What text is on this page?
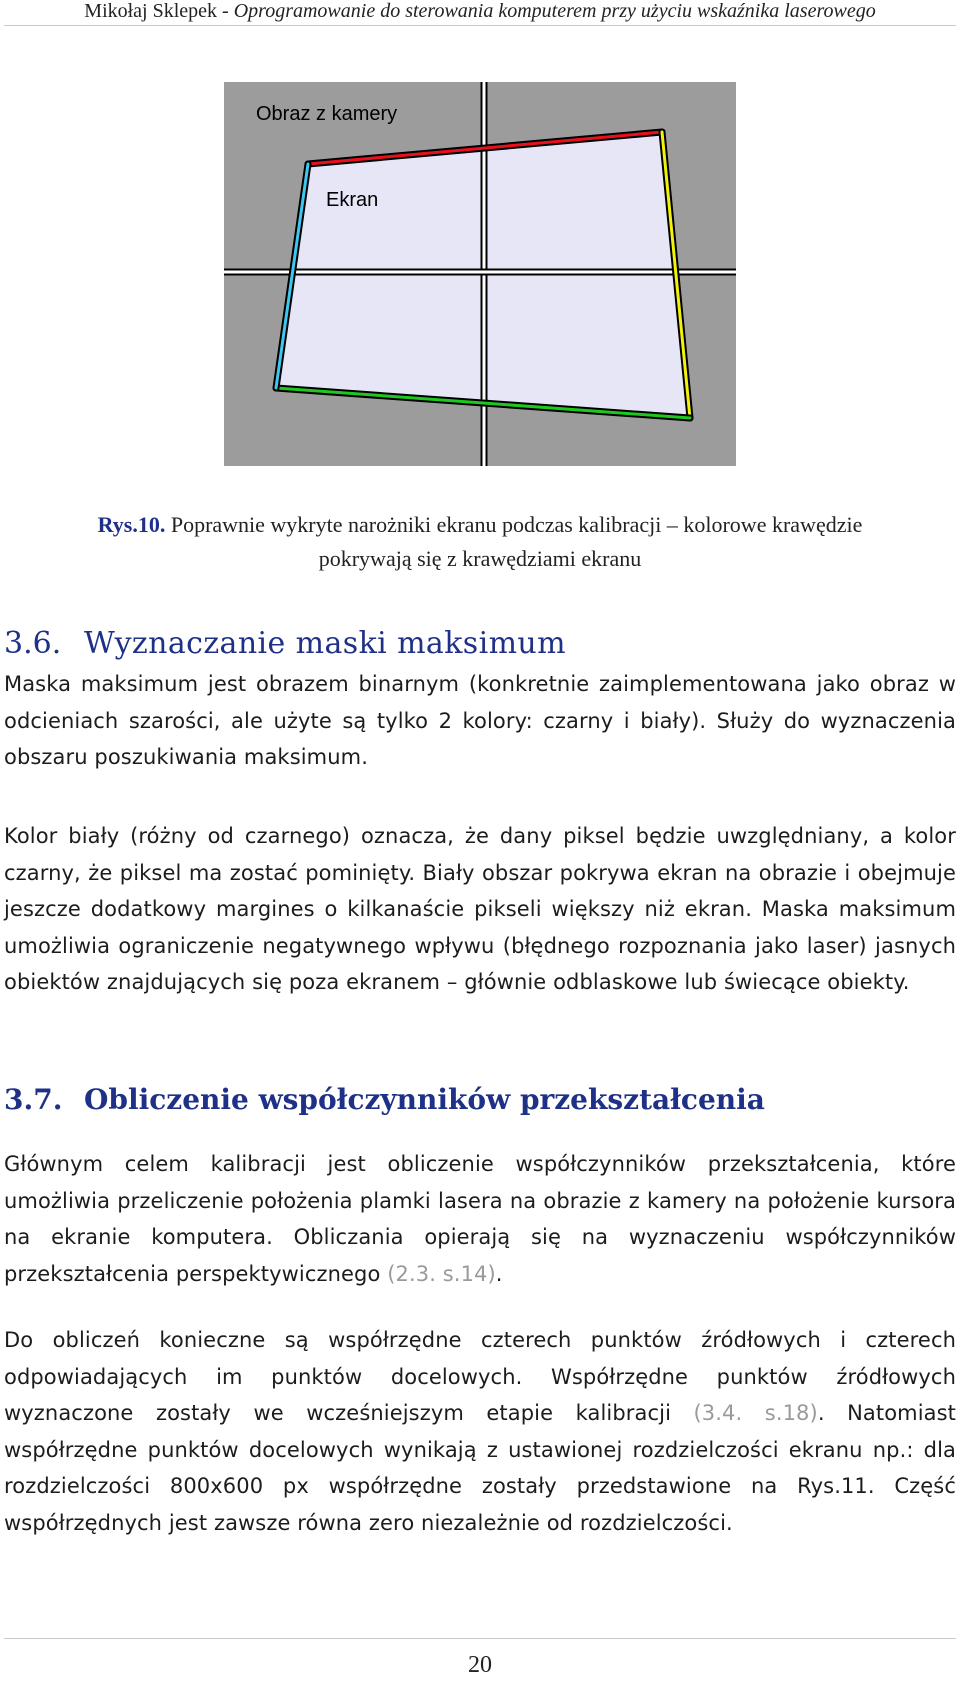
Mikołaj Sklepek - Oprogramowanie do sterowania komputerem przy użyciu wskaźnika laserowego
Obraz z kamery
Ekran
Rys.10. Poprawnie wykryte narożniki ekranu podczas kalibracji – kolorowe krawędzie
pokrywają się z krawędziami ekranu
3.6. Wyznaczanie maski maksimum

Maska maksimum jest obrazem binarnym (konkretnie zaimplementowana jako obraz w odcieniach szarości, ale użyte są tylko 2 kolory: czarny i biały). Służy do wyznaczenia obszaru poszukiwania maksimum.

Kolor biały (różny od czarnego) oznacza, że dany piksel będzie uwzględniany, a kolor czarny, że piksel ma zostać pominięty. Biały obszar pokrywa ekran na obrazie i obejmuje jeszcze dodatkowy margines o kilkanaście pikseli większy niż ekran. Maska maksimum umożliwia ograniczenie negatywnego wpływu (błędnego rozpoznania jako laser) jasnych obiektów znajdujących się poza ekranem – głównie odblaskowe lub świecące obiekty.

3.7. Obliczenie współczynników przekształcenia

Głównym celem kalibracji jest obliczenie współczynników przekształcenia, które umożliwia przeliczenie położenia plamki lasera na obrazie z kamery na położenie kursora na ekranie komputera. Obliczania opierają się na wyznaczeniu współczynników przekształcenia perspektywicznego (2.3. s.14).

Do obliczeń konieczne są współrzędne czterech punktów źródłowych i czterech odpowiadających im punktów docelowych. Współrzędne punktów źródłowych wyznaczone zostały we wcześniejszym etapie kalibracji (3.4. s.18). Natomiast współrzędne punktów docelowych wynikają z ustawionej rozdzielczości ekranu np.: dla rozdzielczości 800x600 px współrzędne zostały przedstawione na Rys.11. Część współrzędnych jest zawsze równa zero niezależnie od rozdzielczości.

20
